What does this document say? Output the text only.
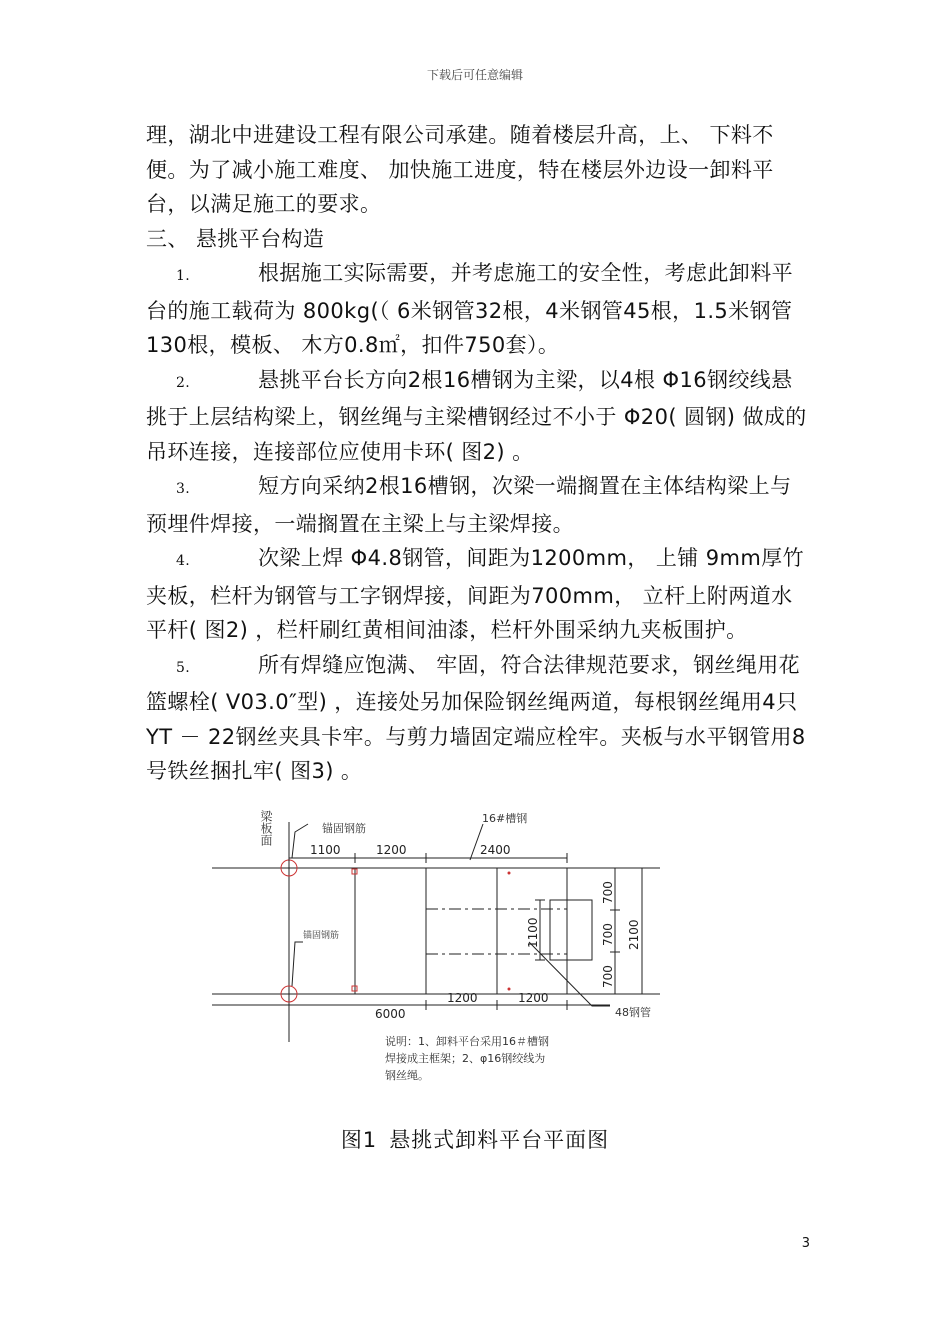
下载后可任意编辑

理，湖北中进建设工程有限公司承建。随着楼层升高，上、 下料不便。为了减小施工难度、 加快施工进度，特在楼层外边设一卸料平台，以满足施工的要求。

三、 悬挑平台构造

1.	根据施工实际需要，并考虑施工的安全性，考虑此卸料平台的施工载荷为 800kg(（ 6米钢管32根，4米钢管45根，1.5米钢管130根，模板、 木方0.8㎡，扣件750套）。

2.	悬挑平台长方向2根16槽钢为主梁，以4根 Φ16钢绞线悬挑于上层结构梁上，钢丝绳与主梁槽钢经过不小于 Φ20( 圆钢) 做成的吊环连接，连接部位应使用卡环( 图2) 。

3.	短方向采纳2根16槽钢，次梁一端搁置在主体结构梁上与预埋件焊接，一端搁置在主梁上与主梁焊接。

4.	次梁上焊 Φ4.8钢管，间距为1200mm， 上铺 9mm厚竹夹板，栏杆为钢管与工字钢焊接，间距为700mm， 立杆上附两道水平杆( 图2) ，栏杆刷红黄相间油漆，栏杆外围采纳九夹板围护。

5.	所有焊缝应饱满、 牢固，符合法律规范要求，钢丝绳用花篮螺栓( V03.0″型) ，连接处另加保险钢丝绳两道，每根钢丝绳用4只YT － 22钢丝夹具卡牢。与剪力墙固定端应栓牢。夹板与水平钢管用8号铁丝捆扎牢( 图3) 。

梁板面	锚固钢筋
锚固钢筋
16#槽钢
48钢管
1100	1200	2400
1200	1200
6000
700
700
700
2100
1100
说明：1、卸料平台采用16＃槽钢
焊接成主框架；2、φ16钢绞线为
钢丝绳。
图1 悬挑式卸料平台平面图
3
